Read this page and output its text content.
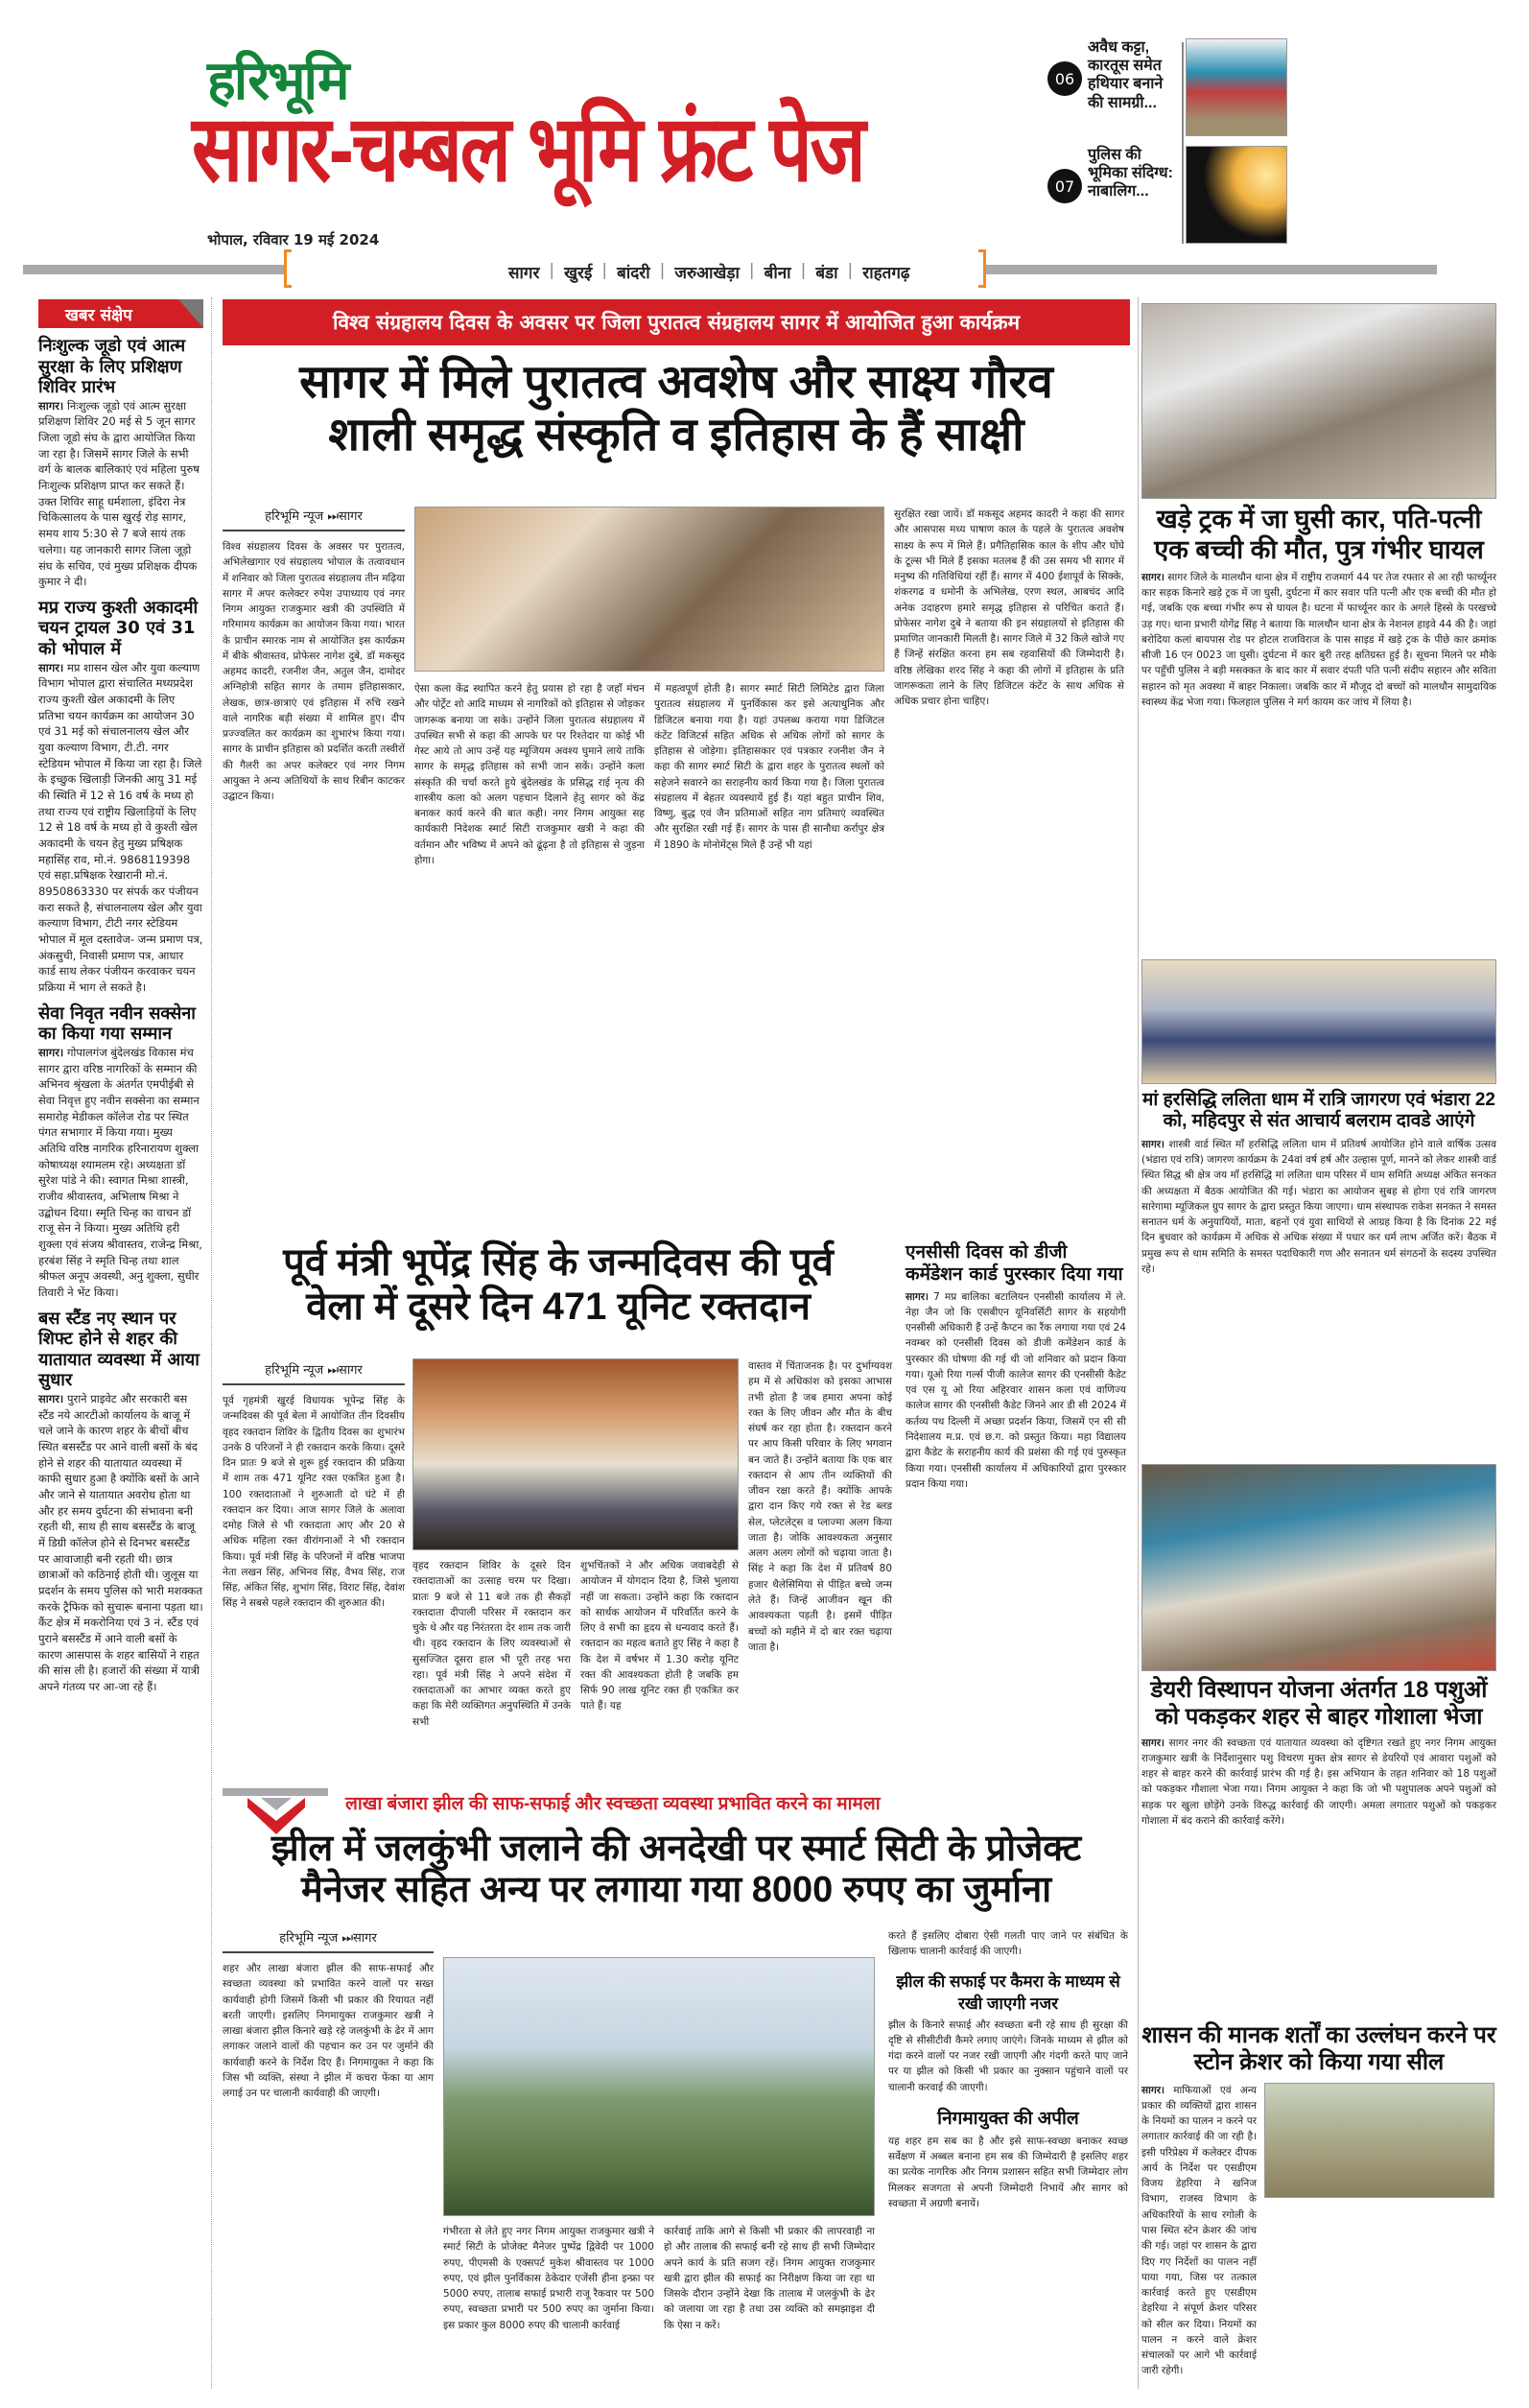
हरिभूमि
सागर-चम्बल भूमि फ्रंट पेज
भोपाल, रविवार 19 मई 2024
सागर | खुरई | बांदरी | जरुआखेड़ा | बीना | बंडा | राहतगढ़
06
अवैध कट्टा, कारतूस समेत हथियार बनाने की सामग्री...
07
पुलिस की भूमिका संदिग्ध: नाबालिग...
खबर संक्षेप
निःशुल्क जूडो एवं आत्म सुरक्षा के लिए प्रशिक्षण शिविर प्रारंभ
सागर। निःशुल्क जूडो एवं आत्म सुरक्षा प्रशिक्षण शिविर 20 मई से 5 जून सागर जिला जूडो संघ के द्वारा आयोजित किया जा रहा है। जिसमें सागर जिले के सभी वर्ग के बालक बालिकाएं एवं महिला पुरुष निःशुल्क प्रशिक्षण प्राप्त कर सकते हैं। उक्त शिविर साहू धर्मशाला, इंदिरा नेत्र चिकित्सालय के पास खुरई रोड़ सागर, समय शाय 5:30 से 7 बजे सायं तक चलेगा। यह जानकारी सागर जिला जूड़ो संघ के सचिव, एवं मुख्य प्रशिक्षक दीपक कुमार ने दी।
मप्र राज्य कुश्ती अकादमी चयन ट्रायल 30 एवं 31 को भोपाल में
सागर। मप्र शासन खेल और युवा कल्याण विभाग भोपाल द्वारा संचालित मध्यप्रदेश राज्य कुश्ती खेल अकादमी के लिए प्रतिभा चयन कार्यक्रम का आयोजन 30 एवं 31 मई को संचालनालय खेल और युवा कल्याण विभाग, टी.टी. नगर स्टेडियम भोपाल में किया जा रहा है। जिले के इच्छुक खिलाड़ी जिनकी आयु 31 मई की स्थिति में 12 से 16 वर्ष के मध्य हो तथा राज्य एवं राष्ट्रीय खिलाड़ियों के लिए 12 से 18 वर्ष के मध्य हो वे कुश्ती खेल अकादमी के चयन हेतु मुख्य प्रषिक्षक महासिंह राव, मो.नं. 9868119398 एवं सहा.प्रषिक्षक रेखारानी मो.नं. 8950863330 पर संपर्क कर पंजीयन करा सकते है, संचालनालय खेल और युवा कल्याण विभाग, टीटी नगर स्टेडियम भोपाल में मूल दस्तावेज- जन्म प्रमाण पत्र, अंकसुची, निवासी प्रमाण पत्र, आधार कार्ड साथ लेकर पंजीयन करवाकर चयन प्रक्रिया में भाग ले सकते है।
सेवा निवृत नवीन सक्सेना का किया गया सम्मान
सागर। गोपालगंज बुंदेलखंड विकास मंच सागर द्वारा वरिष्ठ नागरिकों के सम्मान की अभिनव श्रृंखला के अंतर्गत एमपीईबी से सेवा निवृत्त हुए नवीन सक्सेना का सम्मान समारोह मेडीकल कॉलेज रोड पर स्थित पंगत सभागार में किया गया। मुख्य अतिथि वरिष्ठ नागरिक हरिनारायण शुक्ला कोषाध्यक्ष श्यामलम रहे। अध्यक्षता डॉ सुरेश पांडे ने की। स्वागत मिश्रा शास्त्री, राजीव श्रीवास्तव, अभिलाष मिश्रा ने उद्बोधन दिया। स्मृति चिन्ह का वाचन डॉ राजू सेन ने किया। मुख्य अतिथि हरी शुक्ला एवं संजय श्रीवास्तव, राजेन्द्र मिश्रा, हरबंश सिंह ने स्मृति चिन्ह तथा शाल श्रीफल अनूप अवस्थी, अनु शुक्ला, सुधीर तिवारी ने भेंट किया।
बस स्टैंड नए स्थान पर शिफ्ट होने से शहर की यातायात व्यवस्था में आया सुधार
सागर। पुराने प्राइवेट और सरकारी बस स्टैंड नये आरटीओ कार्यालय के बाजू में चले जाने के कारण शहर के बीचों बीच स्थित बसस्टैंड पर आने वाली बसों के बंद होने से शहर की यातायात व्यवस्था में काफी सुधार हुआ है क्योंकि बसों के आने और जाने से यातायात अवरोध होता था और हर समय दुर्घटना की संभावना बनी रहती थी, साथ ही साथ बसस्टैंड के बाजू में डिग्री कॉलेज होने से दिनभर बसस्टैंड पर आवाजाही बनी रहती थी। छात्र छात्राओं को कठिनाई होती थी। जुलूस या प्रदर्शन के समय पुलिस को भारी मशक्कत करके ट्रैफिक को सुचारू बनाना पड़ता था। कैंट क्षेत्र में मकरोनिया एवं 3 नं. स्टैंड एवं पुराने बसस्टैंड में आने वाली बसों के कारण आसपास के शहर बासियों ने राहत की सांस ली है। हजारों की संख्या में यात्री अपने गंतव्य पर आ-जा रहे हैं।
विश्व संग्रहालय दिवस के अवसर पर जिला पुरातत्व संग्रहालय सागर में आयोजित हुआ कार्यक्रम
सागर में मिले पुरातत्व अवशेष और साक्ष्य गौरव
शाली समृद्ध संस्कृति व इतिहास के हैं साक्षी
हरिभूमि न्यूज ⏭सागर
विश्व संग्रहालय दिवस के अवसर पर पुरातत्व, अभिलेखागार एवं संग्रहालय भोपाल के तत्वावधान में शनिवार को जिला पुरातत्व संग्रहालय तीन मढ़िया सागर में अपर कलेक्टर रुपेश उपाध्याय एवं नगर निगम आयुक्त राजकुमार खत्री की उपस्थिति में गरिमामय कार्यक्रम का आयोजन किया गया। भारत के प्राचीन स्मारक नाम से आयोजित इस कार्यक्रम में बीके श्रीवास्तव, प्रोफेसर नागेश दुबे, डॉ मकसूद अहमद कादरी, रजनीश जैन, अतुल जैन, दामोदर अग्निहोत्री सहित सागर के तमाम इतिहासकार, लेखक, छात्र-छात्राएं एवं इतिहास में रुचि रखने वाले नागरिक बड़ी संख्या में शामिल हुए। दीप प्रज्ज्वलित कर कार्यक्रम का शुभारंभ किया गया। सागर के प्राचीन इतिहास को प्रदर्शित करती तस्वीरों की गैलरी का अपर कलेक्टर एवं नगर निगम आयुक्त ने अन्य अतिथियों के साथ रिबीन काटकर उद्घाटन किया।
ऐसा कला केंद्र स्थापित करने हेतु प्रयास हो रहा है जहाँ मंचन और पोर्ट्रेट शो आदि माध्यम से नागरिकों को इतिहास से जोड़कर जागरूक बनाया जा सके। उन्होंने जिला पुरातत्व संग्रहालय में उपस्थित सभी से कहा की आपके घर पर रिश्तेदार या कोई भी गेस्ट आये तो आप उन्हें यह म्यूजियम अवश्य घुमाने लाये ताकि सागर के समृद्ध इतिहास को सभी जान सकें। उन्होंने कला संस्कृति की चर्चा करते हुये बुंदेलखंड के प्रसिद्ध राई नृत्य की शास्त्रीय कला को अलग पहचान दिलाने हेतु सागर को केंद्र बनाकर कार्य करने की बात कही। नगर निगम आयुक्त सह कार्यकारी निदेशक स्मार्ट सिटी राजकुमार खत्री ने कहा की वर्तमान और भविष्य में अपने को ढूंढ़ना है तो इतिहास से जुड़ना होगा।
में महत्वपूर्ण होती है। सागर स्मार्ट सिटी लिमिटेड द्वारा जिला पुरातत्व संग्रहालय में पुनर्विकास कर इसे अत्याधुनिक और डिजिटल बनाया गया है। यहां उपलब्ध कराया गया डिजिटल कंटेंट विजिटर्स सहित अधिक से अधिक लोगों को सागर के इतिहास से जोड़ेगा। इतिहासकार एवं पत्रकार रजनीश जैन ने कहा की सागर स्मार्ट सिटी के द्वारा शहर के पुरातत्व स्थलों को सहेजने सवारने का सराहनीय कार्य किया गया है। जिला पुरातत्व संग्रहालय में बेहतर व्यवस्थायें हुई हैं। यहां बहुत प्राचीन शिव, विष्णु, बुद्ध एवं जैन प्रतिमाओं सहित नाग प्रतिमाएं व्यवस्थित और सुरक्षित रखी गई हैं। सागर के पास ही सानौधा कर्रापुर क्षेत्र में 1890 के मोनोमेंट्स मिले हैं उन्हें भी यहां
सुरक्षित रखा जायें। डॉ मकसूद अहमद कादरी ने कहा की सागर और आसपास मध्य पाषाण काल के पहले के पुरातत्व अवशेष साक्ष्य के रूप में मिले हैं। प्रगैतिहासिक काल के शीप और घोंघे के टूल्स भी मिले हैं इसका मतलब हैं की उस समय भी सागर में मनुष्य की गतिविधियां रहीं हैं। सागर में 400 ईशापूर्व के सिक्के, शंकरगढ व धमोनी के अभिलेख, एरण स्थल, आबचंद आदि अनेक उदाहरण हमारे समृद्ध इतिहास से परिचित कराते हैं। प्रोफेसर नागेश दुबे ने बताया की इन संग्रहालयों से इतिहास की प्रमाणित जानकारी मिलती है। सागर जिले में 32 किले खोजे गए हैं जिन्हें संरक्षित करना हम सब रहवासियों की जिम्मेदारी है। वरिष्ठ लेखिका शरद सिंह ने कहा की लोगों में इतिहास के प्रति जागरूकता लाने के लिए डिजिटल कंटेंट के साथ अधिक से अधिक प्रचार होना चाहिए।
पूर्व मंत्री भूपेंद्र सिंह के जन्मदिवस की पूर्व
वेला में दूसरे दिन 471 यूनिट रक्तदान
हरिभूमि न्यूज ⏭सागर
पूर्व गृहमंत्री खुरई विधायक भूपेन्द्र सिंह के जन्मदिवस की पूर्व बेला में आयोजित तीन दिवसीय वृहद रक्तदान शिविर के द्वितीय दिवस का शुभारंभ उनके 8 परिजनों ने ही रक्तदान करके किया। दूसरे दिन प्रातः 9 बजे से शुरू हुई रक्तदान की प्रक्रिया में शाम तक 471 यूनिट रक्त एकत्रित हुआ है। 100 रक्तदाताओं ने शुरुआती दो घंटे में ही रक्तदान कर दिया। आज सागर जिले के अलावा दमोह जिले से भी रक्तदाता आए और 20 से अधिक महिला रक्त वीरांगनाओं ने भी रक्तदान किया। पूर्व मंत्री सिंह के परिजनों में वरिष्ठ भाजपा नेता लखन सिंह, अभिनव सिंह, वैभव सिंह, राज सिंह, अंकित सिंह, शुभांग सिंह, विराट सिंह, देवांश सिंह ने सबसे पहले रक्तदान की शुरुआत की।
वृहद रक्तदान शिविर के दूसरे दिन रक्तदाताओं का उत्साह चरम पर दिखा। प्रातः 9 बजे से 11 बजे तक ही सैकड़ों रक्तदाता दीपाली परिसर में रक्तदान कर चुके थे और यह निरंतरता देर शाम तक जारी थी। वृहद रक्तदान के लिए व्यवस्थाओं से सुसज्जित दूसरा हाल भी पूरी तरह भरा रहा। पूर्व मंत्री सिंह ने अपने संदेश में रक्तदाताओं का आभार व्यक्त करते हुए कहा कि मेरी व्यक्तिगत अनुपस्थिति में उनके सभी
शुभचिंतकों ने और अधिक जवाबदेही से आयोजन में योगदान दिया है, जिसे भुलाया नहीं जा सकता। उन्होंने कहा कि रक्तदान को सार्थक आयोजन में परिवर्तित करने के लिए वे सभी का हृदय से धन्यवाद करते हैं। रक्तदान का महत्व बताते हुए सिंह ने कहा है कि देश में वर्षभर में 1.30 करोड़ यूनिट रक्त की आवश्यकता होती है जबकि हम सिर्फ 90 लाख यूनिट रक्त ही एकत्रित कर पाते हैं। यह
वास्तव में चिंताजनक है। पर दुर्भाग्यवश हम में से अधिकांश को इसका आभास तभी होता है जब हमारा अपना कोई रक्त के लिए जीवन और मौत के बीच संघर्ष कर रहा होता है। रक्तदान करने पर आप किसी परिवार के लिए भगवान बन जाते हैं। उन्होंने बताया कि एक बार रक्तदान से आप तीन व्यक्तियों की जीवन रक्षा करते हैं। क्योंकि आपके द्वारा दान किए गये रक्त से रेड ब्लड सेल, प्लेटलेट्स व प्लाज्मा अलग किया जाता है। जोकि आवश्यकता अनुसार अलग अलग लोगों को चढ़ाया जाता है। सिंह ने कहा कि देश में प्रतिवर्ष 80 हजार थैलेसिमिया से पीड़ित बच्चे जन्म लेते हैं। जिन्हें आजीवन खून की आवश्यकता पड़ती है। इसमें पीड़ित बच्चों को महीने में दो बार रक्त चढ़ाया जाता है।
एनसीसी दिवस को डीजी कमेंडेशन कार्ड पुरस्कार दिया गया
सागर। 7 मप्र बालिका बटालियन एनसीसी कार्यालय में ले. नेहा जैन जो कि एसबीएन यूनिवर्सिटी सागर के सहयोगी एनसीसी अधिकारी हैं उन्हें कैप्टन का रैंक लगाया गया एवं 24 नवम्बर को एनसीसी दिवस को डीजी कमेंडेशन कार्ड के पुरस्कार की घोषणा की गई थी जो शनिवार को प्रदान किया गया। यूओ रिया गर्ल्स पीजी कालेज सागर की एनसीसी कैडेट एवं एस यू ओ रिया अहिरवार शासन कला एवं वाणिज्य कालेज सागर की एनसीसी कैडेट जिनने आर डी सी 2024 में कर्तव्य पथ दिल्ली में अच्छा प्रदर्शन किया, जिसमें एन सी सी निदेशालय म.प्र. एवं छ.ग. को प्रस्तुत किया। महा विद्यालय द्वारा कैडेट के सराहनीय कार्य की प्रशंसा की गई एवं पुरुस्कृत किया गया। एनसीसी कार्यालय में अधिकारियों द्वारा पुरस्कार प्रदान किया गया।
लाखा बंजारा झील की साफ-सफाई और स्वच्छता व्यवस्था प्रभावित करने का मामला
झील में जलकुंभी जलाने की अनदेखी पर स्मार्ट सिटी के प्रोजेक्ट
मैनेजर सहित अन्य पर लगाया गया 8000 रुपए का जुर्माना
हरिभूमि न्यूज ⏭सागर
शहर और लाखा बंजारा झील की साफ-सफाई और स्वच्छता व्यवस्था को प्रभावित करने वालों पर सख्त कार्यवाही होगी जिसमें किसी भी प्रकार की रियायत नहीं बरती जाएगी। इसलिए निगमायुक्त राजकुमार खत्री ने लाखा बंजारा झील किनारे खड़े रहे जलकुंभी के ढेर में आग लगाकर जलाने वालों की पहचान कर उन पर जुर्माने की कार्यवाही करने के निर्देश दिए हैं। निगमायुक्त ने कहा कि जिस भी व्यक्ति, संस्था ने झील में कचरा फेंका या आग लगाई उन पर चालानी कार्यवाही की जाएगी।
गंभीरता से लेते हुए नगर निगम आयुक्त राजकुमार खत्री ने स्मार्ट सिटी के प्रोजेक्ट मैनेजर पुष्पेंद्र द्विवेदी पर 1000 रुपए, पीएमसी के एक्सपर्ट मुकेश श्रीवास्तव पर 1000 रुपए, एवं झील पुनर्विकास ठेकेदार एजेंसी हीना इन्फ्रा पर 5000 रुपए, तालाब सफाई प्रभारी राजू रैकवार पर 500 रुपए, स्वच्छता प्रभारी पर 500 रुपए का जुर्माना किया। इस प्रकार कुल 8000 रुपए की चालानी कार्रवाई
कार्रवाई ताकि आगे से किसी भी प्रकार की लापरवाही ना हो और तालाब की सफाई बनी रहे साथ ही सभी जिम्मेदार अपने कार्य के प्रति सजग रहें। निगम आयुक्त राजकुमार खत्री द्वारा झील की सफाई का निरीक्षण किया जा रहा था जिसके दौरान उन्होंने देखा कि तालाब में जलकुंभी के ढेर को जलाया जा रहा है तथा उस व्यक्ति को समझाइश दी कि ऐसा न करें।
करते हैं इसलिए दोबारा ऐसी गलती पाए जाने पर संबंधित के खिलाफ चालानी कार्रवाई की जाएगी।
झील की सफाई पर कैमरा के माध्यम से रखी जाएगी नजर
झील के किनारे सफाई और स्वच्छता बनी रहे साथ ही सुरक्षा की दृष्टि से सीसीटीवी कैमरे लगाए जाएंगे। जिनके माध्यम से झील को गंदा करने वालों पर नजर रखी जाएगी और गंदगी करते पाए जाने पर या झील को किसी भी प्रकार का नुक्सान पहुंचाने वालों पर चालानी करवाई की जाएगी।
निगमायुक्त की अपील
यह शहर हम सब का है और इसे साफ-स्वच्छा बनाकर स्वच्छ सर्वेक्षण में अब्बल बनाना हम सब की जिम्मेदारी है इसलिए शहर का प्रत्येक नागरिक और निगम प्रशासन सहित सभी जिम्मेदार लोग मिलकर सजगता से अपनी जिम्मेदारी निभायें और सागर को स्वच्छता में अग्रणी बनायें।
खड़े ट्रक में जा घुसी कार, पति-पत्नी एक बच्ची की मौत, पुत्र गंभीर घायल
सागर। सागर जिले के मालथौन थाना क्षेत्र में राष्ट्रीय राजमार्ग 44 पर तेज रफ्तार से आ रही फार्च्यूनर कार सड़क किनारे खड़े ट्रक में जा घुसी, दुर्घटना में कार सवार पति पत्नी और एक बच्ची की मौत हो गई, जबकि एक बच्चा गंभीर रूप से घायल है। घटना में फार्च्यूनर कार के अगले हिस्से के परखच्चे उड़ गए। थाना प्रभारी योगेंद्र सिंह ने बताया कि मालथौन थाना क्षेत्र के नेशनल हाइवे 44 की है। जहां बरोदिया कलां बायपास रोड पर होटल राजविराज के पास साइड में खड़े ट्रक के पीछे कार क्रमांक सीजी 16 एन 0023 जा घुसी। दुर्घटना में कार बुरी तरह क्षतिग्रस्त हुई है। सूचना मिलने पर मौके पर पहुँची पुलिस ने बड़ी मसक्कत के बाद कार में सवार दंपती पति पत्नी संदीप सहारन और सविता सहारन को मृत अवस्था में बाहर निकाला। जबकि कार में मौजूद दो बच्चों को मालथौन सामुदायिक स्वास्थ्य केंद्र भेजा गया। फिलहाल पुलिस ने मर्ग कायम कर जांच में लिया है।
मां हरसिद्धि ललिता धाम में रात्रि जागरण एवं भंडारा 22 को, महिदपुर से संत आचार्य बलराम दावडे आएंगे
सागर। शास्त्री वार्ड स्थित माँ हरसिद्धि ललिता धाम में प्रतिवर्ष आयोजित होने वाले वार्षिक उत्सव (भंडारा एवं रात्रि) जागरण कार्यक्रम के 24वां वर्ष हर्ष और उल्हास पूर्ण, मानने को लेकर शास्त्री वार्ड स्थित सिद्ध श्री क्षेत्र जय माँ हरसिद्धि मां ललिता धाम परिसर में धाम समिति अध्यक्ष अंकित सनकत की अध्यक्षता में बैठक आयोजित की गई। भंडारा का आयोजन सुबह से होगा एवं रात्रि जागरण सारेगामा म्यूजिकल ग्रुप सागर के द्वारा प्रस्तुत किया जाएगा। धाम संस्थापक राकेश सनकत ने समस्त सनातन धर्म के अनुयायियों, माता, बहनों एवं युवा साथियों से आग्रह किया है कि दिनांक 22 मई दिन बुधवार को कार्यक्रम में अधिक से अधिक संख्या में पधार कर धर्म लाभ अर्जित करें। बैठक में प्रमुख रूप से धाम समिति के समस्त पदाधिकारी गण और सनातन धर्म संगठनों के सदस्य उपस्थित रहे।
डेयरी विस्थापन योजना अंतर्गत 18 पशुओं को पकड़कर शहर से बाहर गोशाला भेजा
सागर। सागर नगर की स्वच्छता एवं यातायात व्यवस्था को दृष्टिगत रखते हुए नगर निगम आयुक्त राजकुमार खत्री के निर्देशानुसार पशु विचरण मुक्त क्षेत्र सागर से डेयरियों एवं आवारा पशुओं को शहर से बाहर करने की कार्रवाई प्रारंभ की गई है। इस अभियान के तहत शनिवार को 18 पशुओं को पकड़कर गौशाला भेजा गया। निगम आयुक्त ने कहा कि जो भी पशुपालक अपने पशुओं को सड़क पर खुला छोड़ेंगे उनके विरुद्ध कार्रवाई की जाएगी। अमला लगातार पशुओं को पकड़कर गोशाला में बंद कराने की कार्रवाई करेंगे।
शासन की मानक शर्तों का उल्लंघन करने पर स्टोन क्रेशर को किया गया सील
सागर। माफियाओं एवं अन्य प्रकार की व्यक्तियों द्वारा शासन के नियमों का पालन न करने पर लगातार कार्रवाई की जा रही है। इसी परिप्रेक्ष्य में कलेक्टर दीपक आर्य के निर्देश पर एसडीएम विजय डेहरिया ने खनिज विभाग, राजस्व विभाग के अधिकारियों के साथ रगोली के पास स्थित स्टेन क्रेशर की जांच की गई। जहां पर शासन के द्वारा दिए गए निर्देशों का पालन नहीं पाया गया, जिस पर तत्काल कार्रवाई करते हुए एसडीएम डेहरिया ने संपूर्ण क्रेशर परिसर को सील कर दिया। नियमों का पालन न करने वाले क्रेशर संचालकों पर आगे भी कार्रवाई जारी रहेगी।
